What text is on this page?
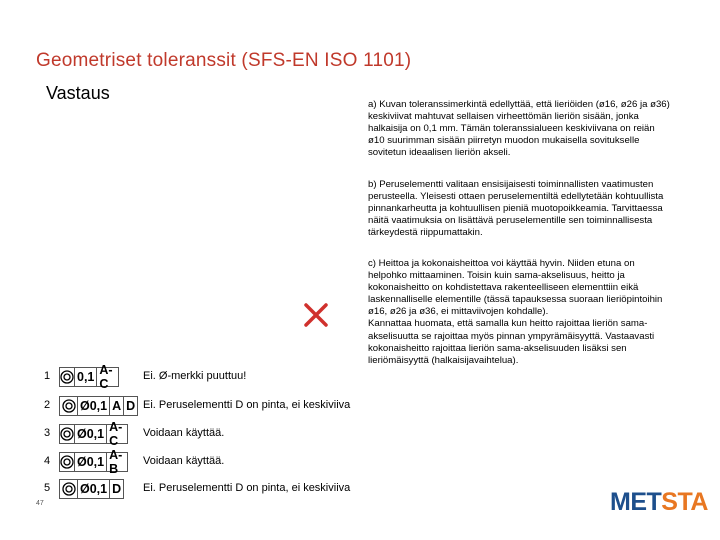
Geometriset toleranssit (SFS-EN ISO 1101)
Vastaus
a) Kuvan toleranssimerkintä edellyttää, että lieriöiden (ø16, ø26 ja ø36)
keskiviivat mahtuvat sellaisen virheettömän lieriön sisään, jonka
halkaisija on 0,1 mm. Tämän toleranssialueen keskiviivana on reiän
ø10 suurimman sisään piirretyn muodon mukaisella sovitukselle
sovitetun ideaalisen lieriön akseli.
b) Peruselementti valitaan ensisijaisesti toiminnallisten vaatimusten
perusteella. Yleisesti ottaen peruselementiltä edellytetään kohtuullista
pinnankarheutta ja kohtuullisen pieniä muotopoikkeamia. Tarvittaessa
näitä vaatimuksia on lisättävä peruselementille sen toiminnallisesta
tärkeydestä riippumattakin.
c) Heittoa ja kokonaisheittoa voi käyttää hyvin. Niiden etuna on
helpohko mittaaminen. Toisin kuin sama-akselisuus, heitto ja
kokonaisheitto on kohdistettava rakenteelliseen elementtiin eikä
laskennalliselle elementille (tässä tapauksessa suoraan lieriöpintoihin
ø16, ø26 ja ø36, ei mittaviivojen kohdalle).
Kannattaa huomata, että samalla kun heitto rajoittaa lieriön sama-
akselisuutta se rajoittaa myös pinnan ympyrämäisyyttä. Vastaavasti
kokonaisheitto rajoittaa lieriön sama-akselisuuden lisäksi sen
lieriömäisyyttä (halkaisijavaihtelua).
1 0,1 A-C
Ei. Ø-merkki puuttuu!
2 Ø0,1 A D Ei. Peruselementti D on pinta, ei keskiviiva
3 Ø0,1 A-C
Voidaan käyttää.
4 Ø0,1 A-B
Voidaan käyttää.
5 Ø0,1 D Ei. Peruselementti D on pinta, ei keskiviiva
47	METSTA
